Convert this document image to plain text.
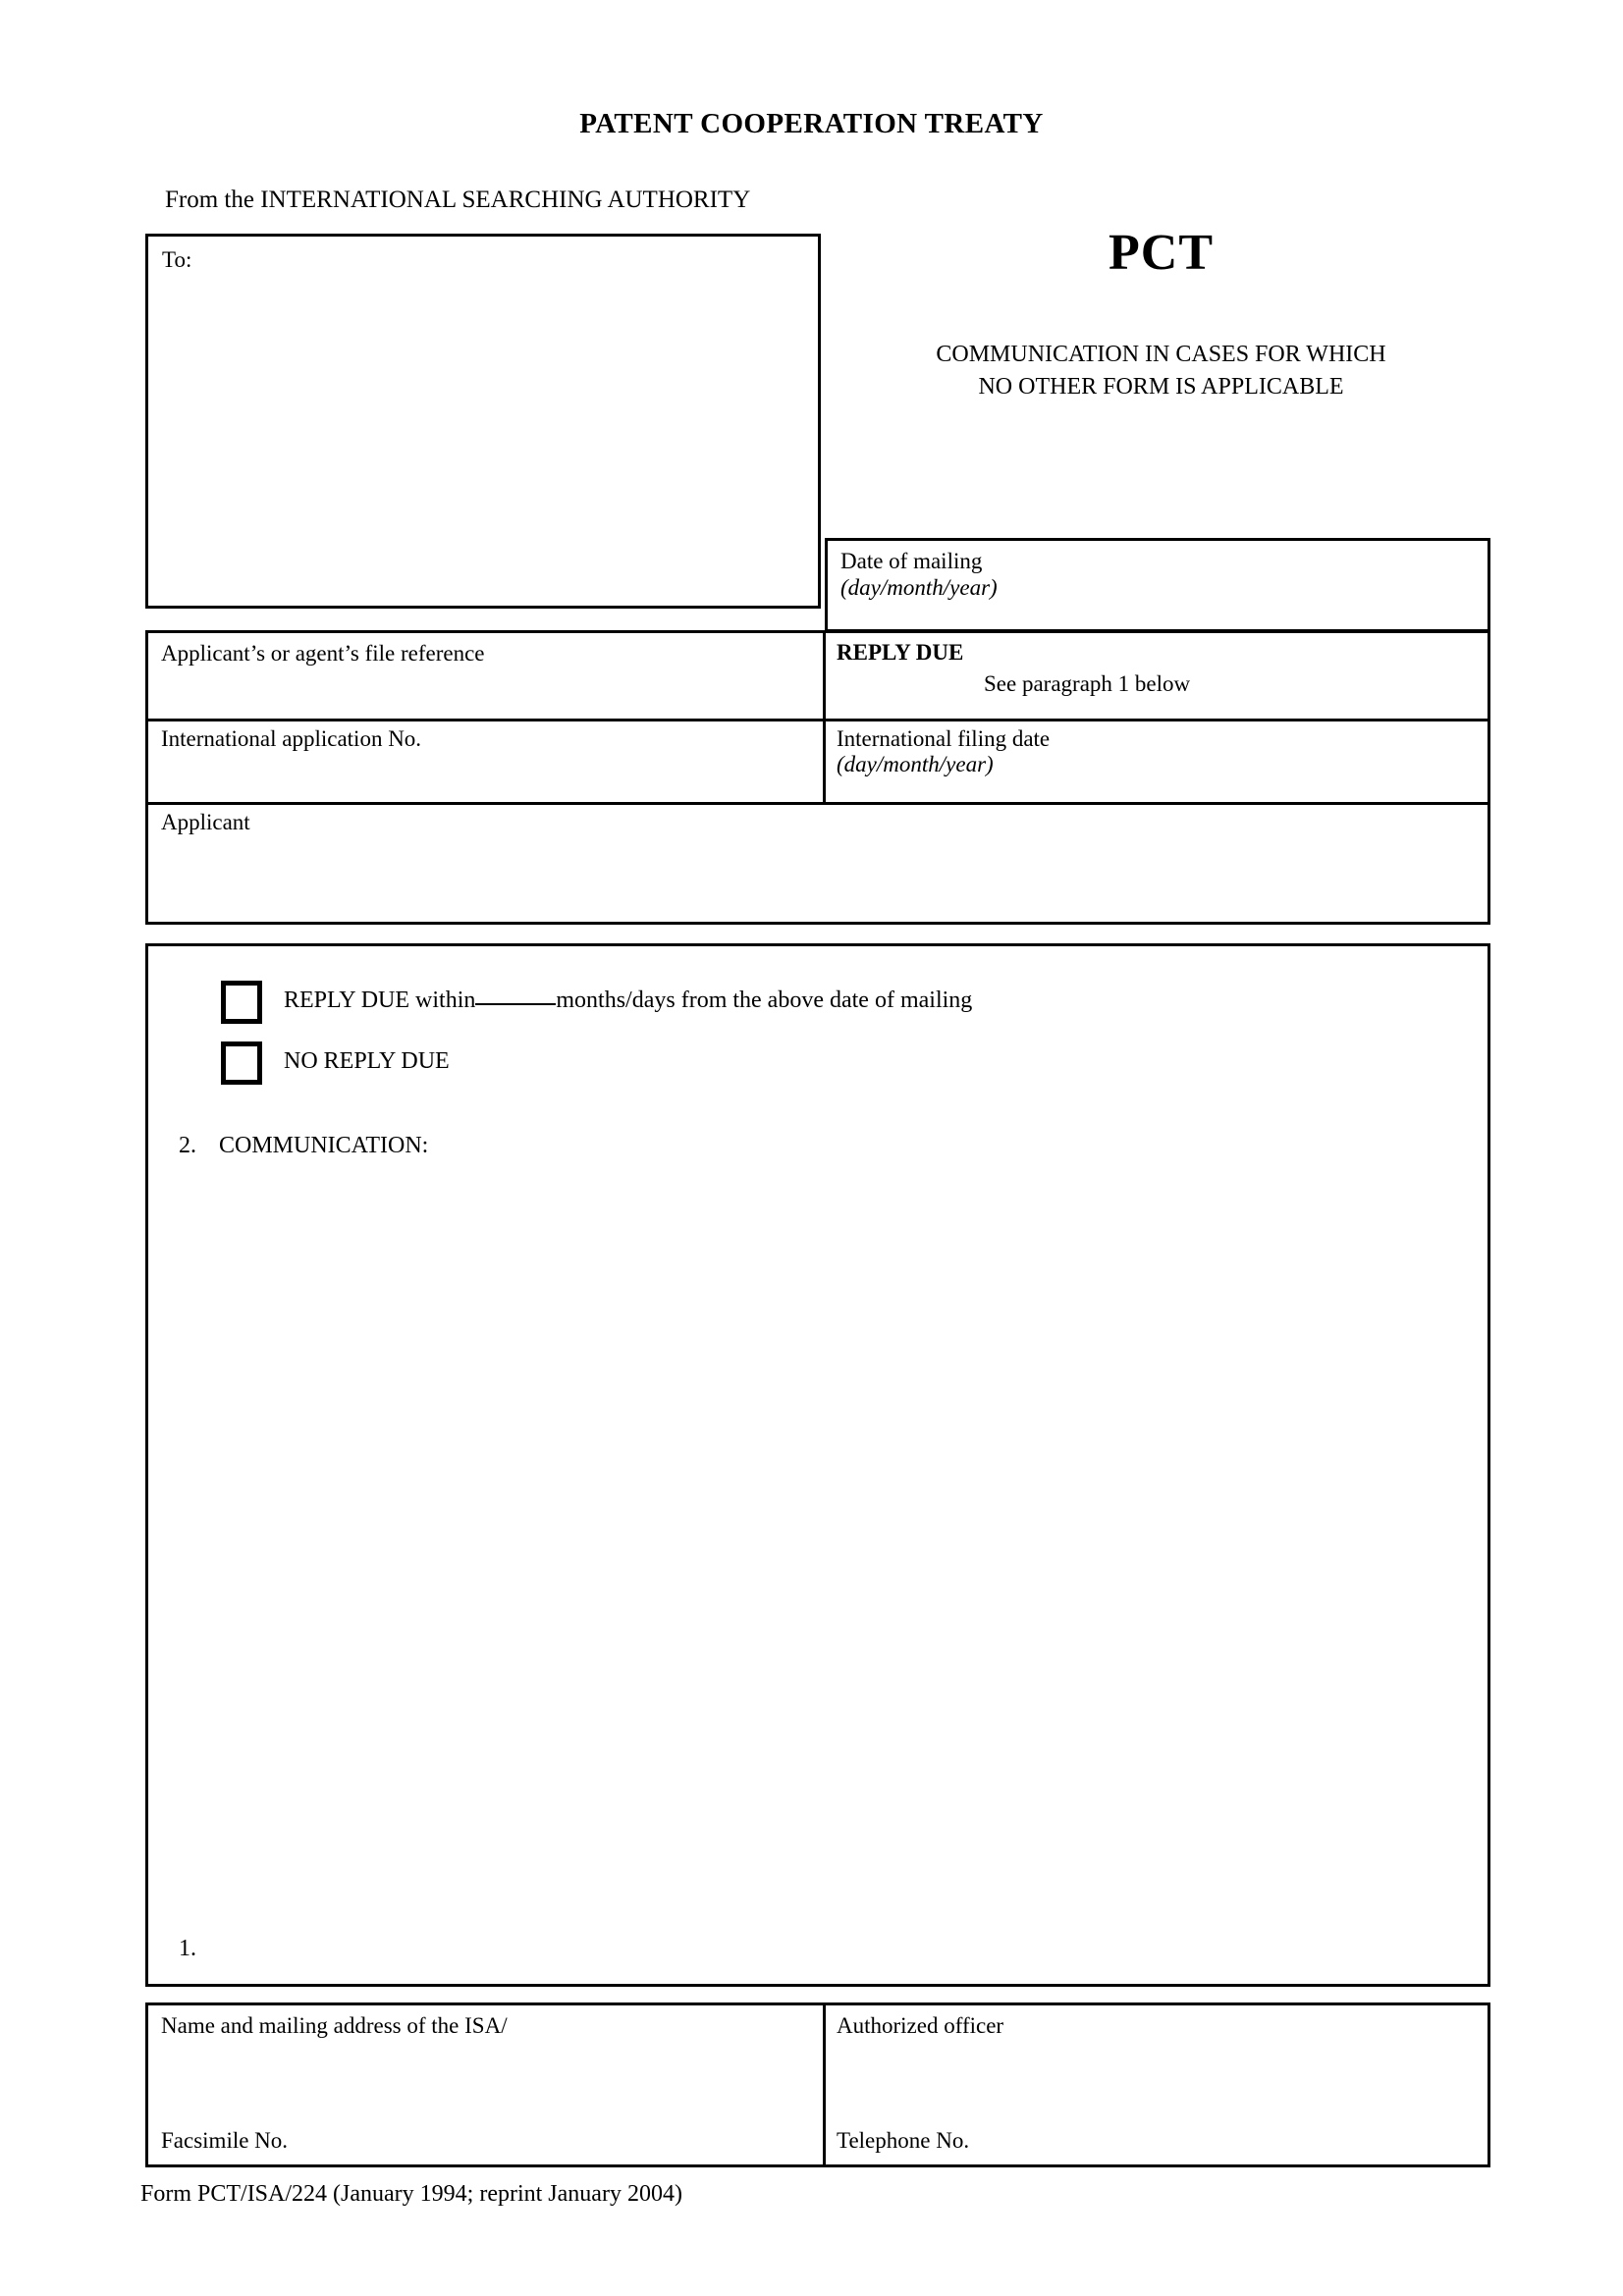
PATENT COOPERATION TREATY
From the INTERNATIONAL SEARCHING AUTHORITY
PCT
COMMUNICATION IN CASES FOR WHICH
NO OTHER FORM IS APPLICABLE
To:
Date of mailing
(day/month/year)
Applicant’s or agent’s file reference	REPLY DUE
See paragraph 1 below
International application No.	International filing date
(day/month/year)
Applicant
1.
REPLY DUE within	months/days from the above date of mailing
NO REPLY DUE
2. COMMUNICATION:
Name and mailing address of the ISA/	Authorized officer
Facsimile No.	Telephone No.
Form PCT/ISA/224 (January 1994; reprint January 2004)
